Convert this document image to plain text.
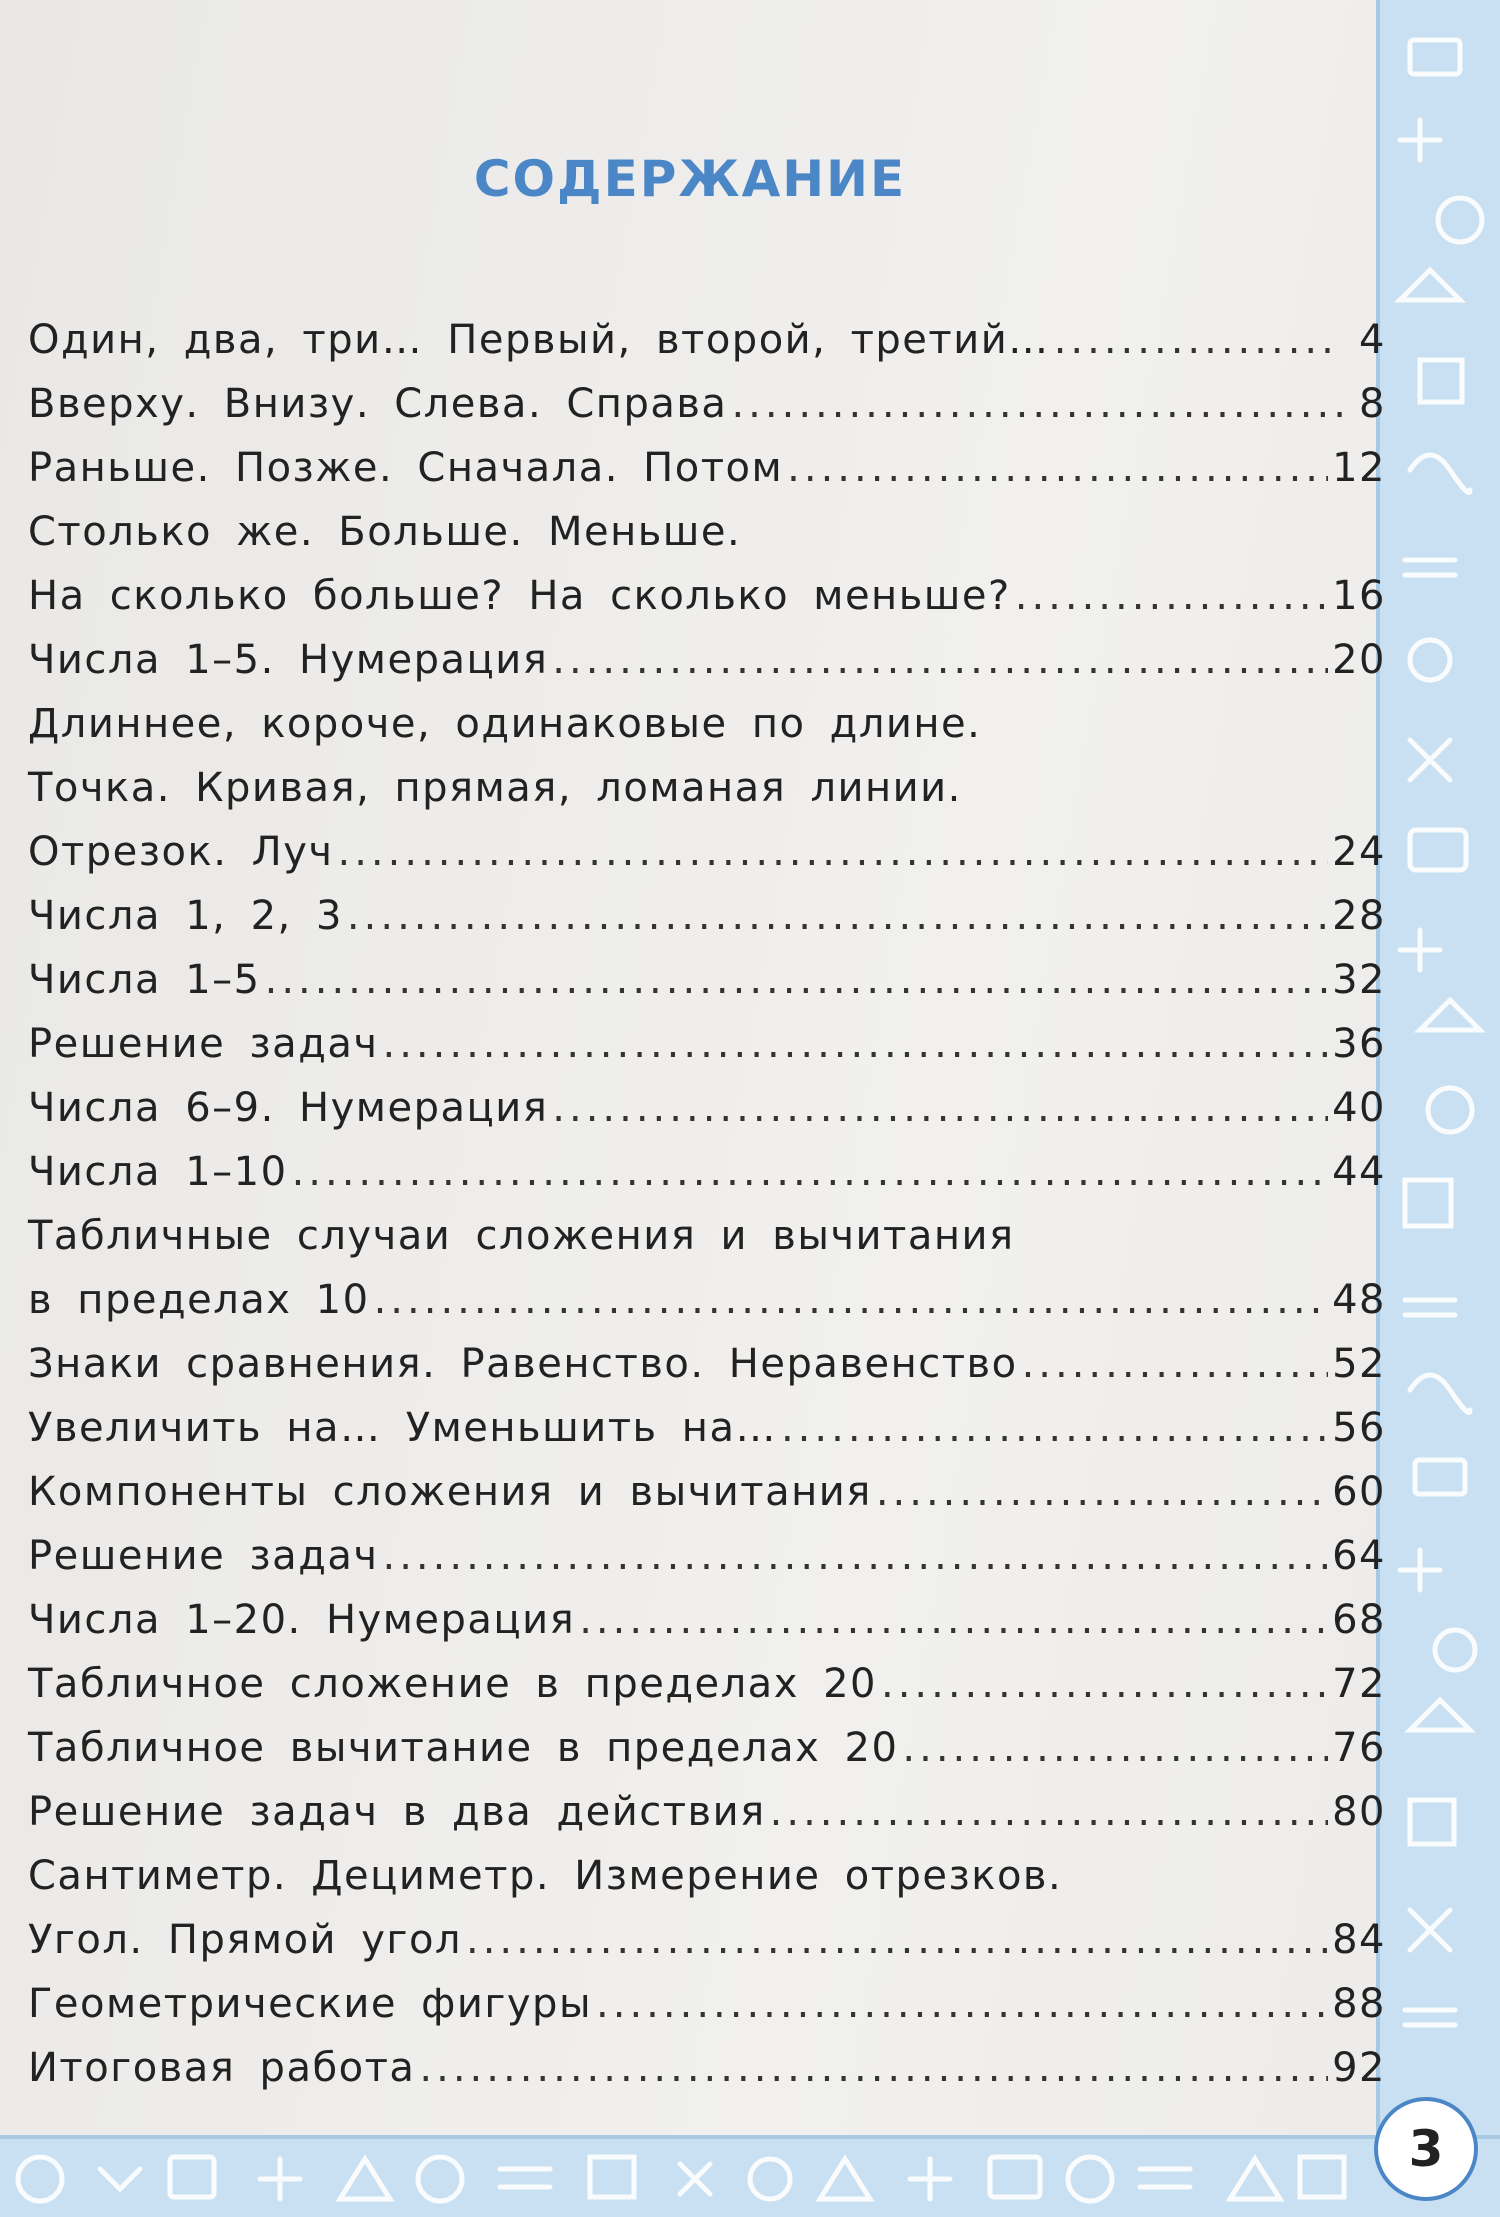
СОДЕРЖАНИЕ
Один, два, три… Первый, второй, третий… .....	4
Вверху. Внизу. Слева. Справа .....	8
Раньше. Позже. Сначала. Потом .....	12
Столько же. Больше. Меньше.
На сколько больше? На сколько меньше? .....	16
Числа 1–5. Нумерация .....	20
Длиннее, короче, одинаковые по длине.
Точка. Кривая, прямая, ломаная линии.
Отрезок. Луч .....	24
Числа 1, 2, 3 .....	28
Числа 1–5 .....	32
Решение задач .....	36
Числа 6–9. Нумерация .....	40
Числа 1–10 .....	44
Табличные случаи сложения и вычитания
в пределах 10 .....	48
Знаки сравнения. Равенство. Неравенство .....	52
Увеличить на… Уменьшить на… .....	56
Компоненты сложения и вычитания .....	60
Решение задач .....	64
Числа 1–20. Нумерация .....	68
Табличное сложение в пределах 20 .....	72
Табличное вычитание в пределах 20 .....	76
Решение задач в два действия .....	80
Сантиметр. Дециметр. Измерение отрезков.
Угол. Прямой угол .....	84
Геометрические фигуры .....	88
Итоговая работа .....	92
3
